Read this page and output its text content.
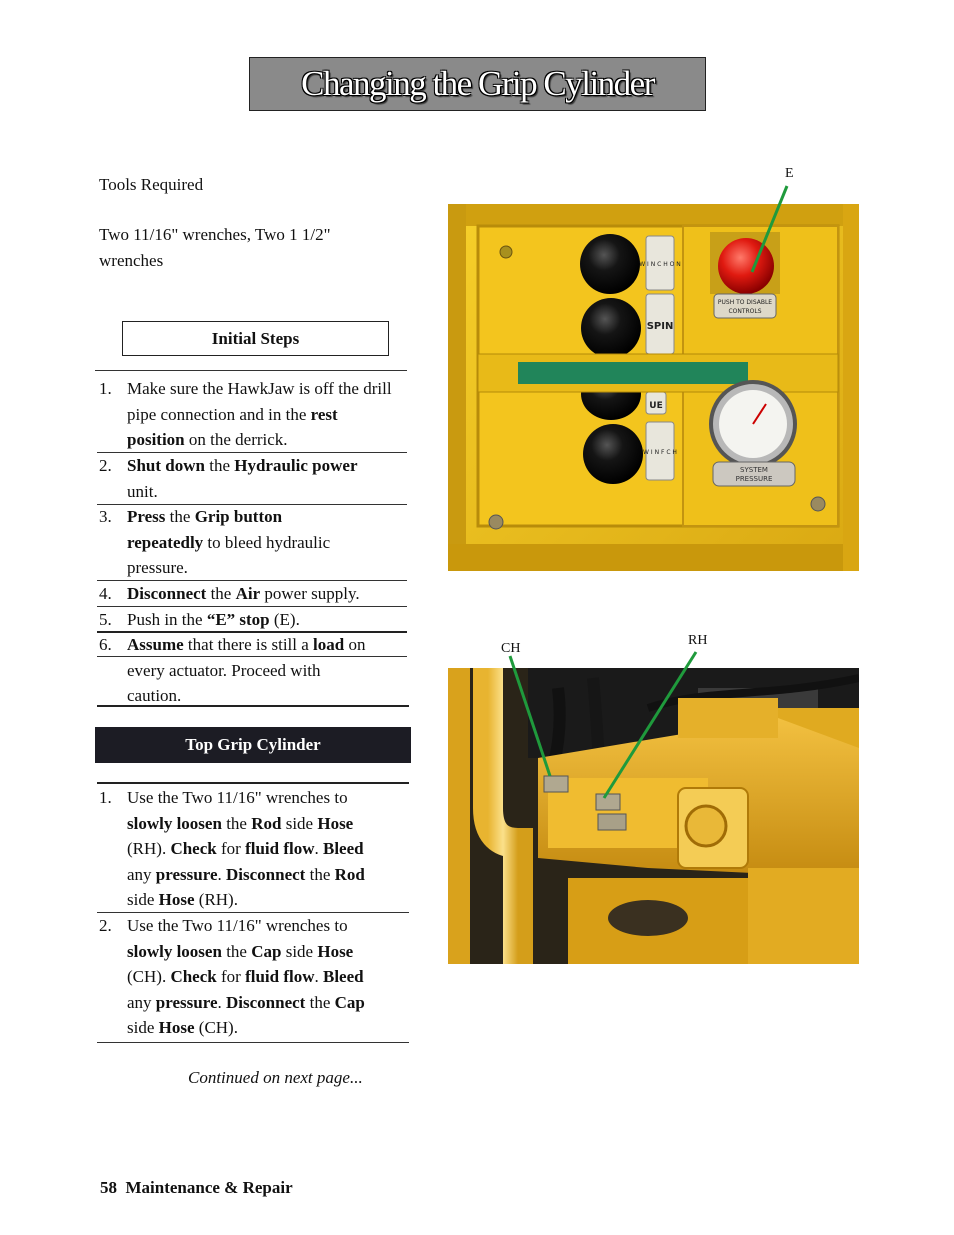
Changing the Grip Cylinder
Tools Required
Two 11/16" wrenches, Two 1 1/2"
wrenches
Initial Steps
1. Make sure the HawkJaw is off the drill pipe connection and in the rest position on the derrick.
2. Shut down the Hydraulic power unit.
3. Press the Grip button repeatedly to bleed hydraulic pressure.
4. Disconnect the Air power supply.
5. Push in the “E” stop (E).
6. Assume that there is still a load on every actuator. Proceed with caution.
Top Grip Cylinder
1. Use the Two 11/16" wrenches to slowly loosen the Rod side Hose (RH). Check for fluid flow. Bleed any pressure. Disconnect the Rod side Hose (RH).
2. Use the Two 11/16" wrenches to slowly loosen the Cap side Hose (CH). Check for fluid flow. Bleed any pressure. Disconnect the Cap side Hose (CH).
Continued on next page...
58 Maintenance & Repair
E
W I N C H O N
SPIN
UE
W I N F C H
PUSH TO DISABLE
CONTROLS
SYSTEM
PRESSURE
CH
RH
